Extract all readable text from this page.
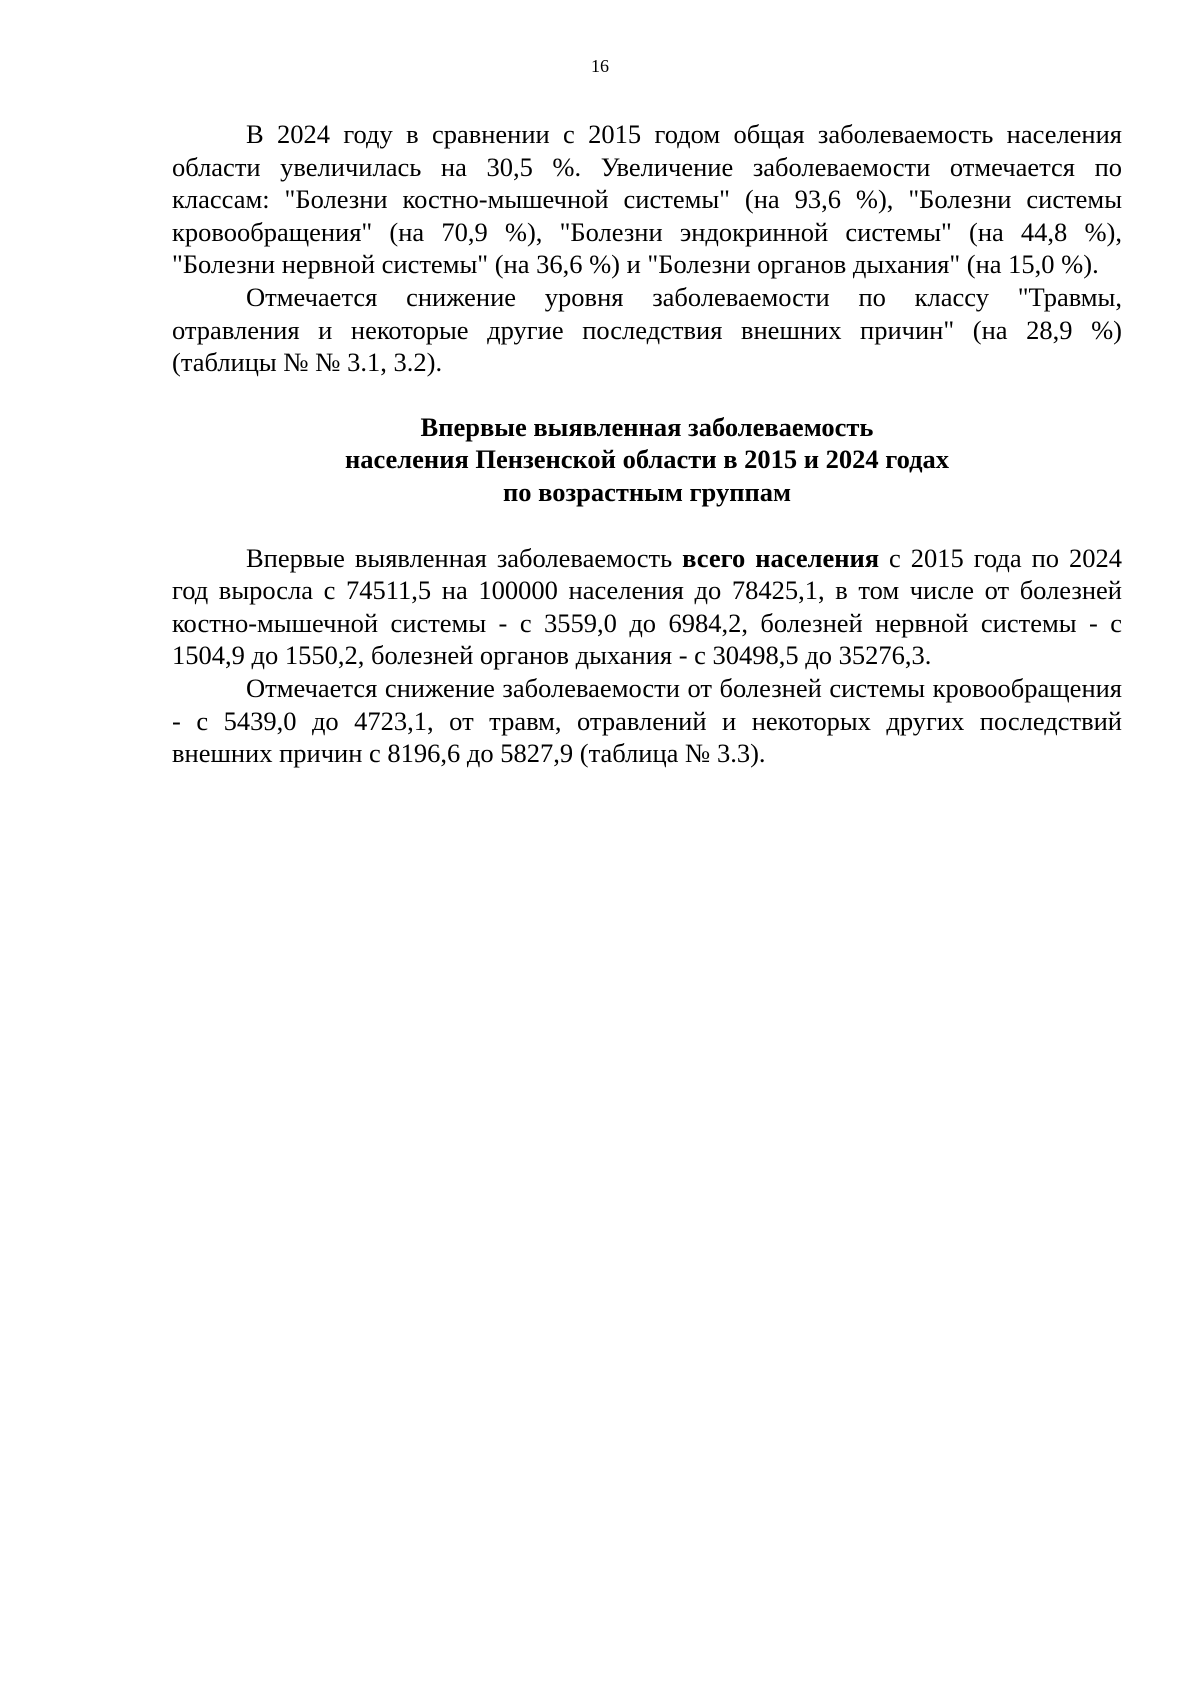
16

В 2024 году в сравнении с 2015 годом общая заболеваемость населения области увеличилась на 30,5 %. Увеличение заболеваемости отмечается по классам: "Болезни костно-мышечной системы" (на 93,6 %), "Болезни системы кровообращения" (на 70,9 %), "Болезни эндокринной системы" (на 44,8 %), "Болезни нервной системы" (на 36,6 %) и "Болезни органов дыхания" (на 15,0 %).

Отмечается снижение уровня заболеваемости по классу "Травмы, отравления и некоторые другие последствия внешних причин" (на 28,9 %) (таблицы № № 3.1, 3.2).

Впервые выявленная заболеваемость
населения Пензенской области в 2015 и 2024 годах
по возрастным группам

Впервые выявленная заболеваемость всего населения с 2015 года по 2024 год выросла с 74511,5 на 100000 населения до 78425,1, в том числе от болезней костно-мышечной системы - с 3559,0 до 6984,2, болезней нервной системы - с 1504,9 до 1550,2, болезней органов дыхания - с 30498,5 до 35276,3.

Отмечается снижение заболеваемости от болезней системы кровообращения - с 5439,0 до 4723,1, от травм, отравлений и некоторых других последствий внешних причин с 8196,6 до 5827,9 (таблица № 3.3).
